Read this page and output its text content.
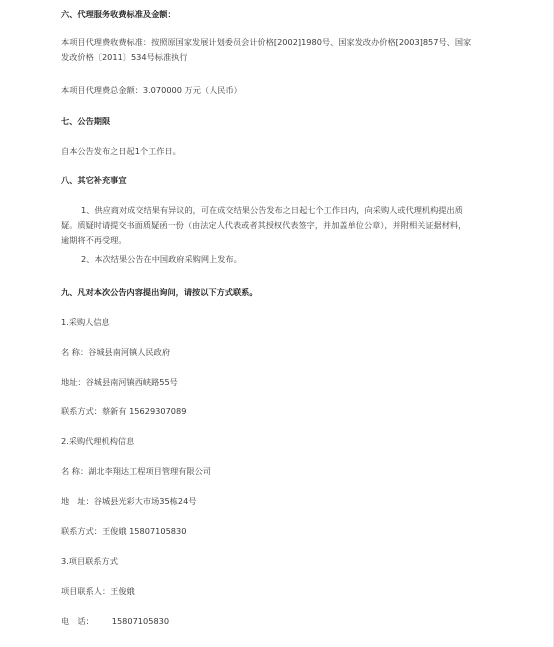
六、代理服务收费标准及金额：
本项目代理费收费标准：按照原国家发展计划委员会计价格[2002]1980号、国家发改办价格[2003]857号、国家
发改价格〔2011〕534号标准执行
本项目代理费总金额：3.070000 万元（人民币）
七、公告期限
自本公告发布之日起1个工作日。
八、其它补充事宜
1、供应商对成交结果有异议的，可在成交结果公告发布之日起七个工作日内，向采购人或代理机构提出质
疑。质疑时请提交书面质疑函一份（由法定人代表或者其授权代表签字，并加盖单位公章），并附相关证据材料，
逾期将不再受理。
2、本次结果公告在中国政府采购网上发布。
九、凡对本次公告内容提出询问，请按以下方式联系。
1.采购人信息
名 称：谷城县南河镇人民政府
地址：谷城县南河镇西峡路55号
联系方式：蔡新有 15629307089
2.采购代理机构信息
名 称：湖北李翔达工程项目管理有限公司
地　址：谷城县光彩大市场35栋24号
联系方式：王俊娥 15807105830
3.项目联系方式
项目联系人：王俊娥
电　话： 15807105830
